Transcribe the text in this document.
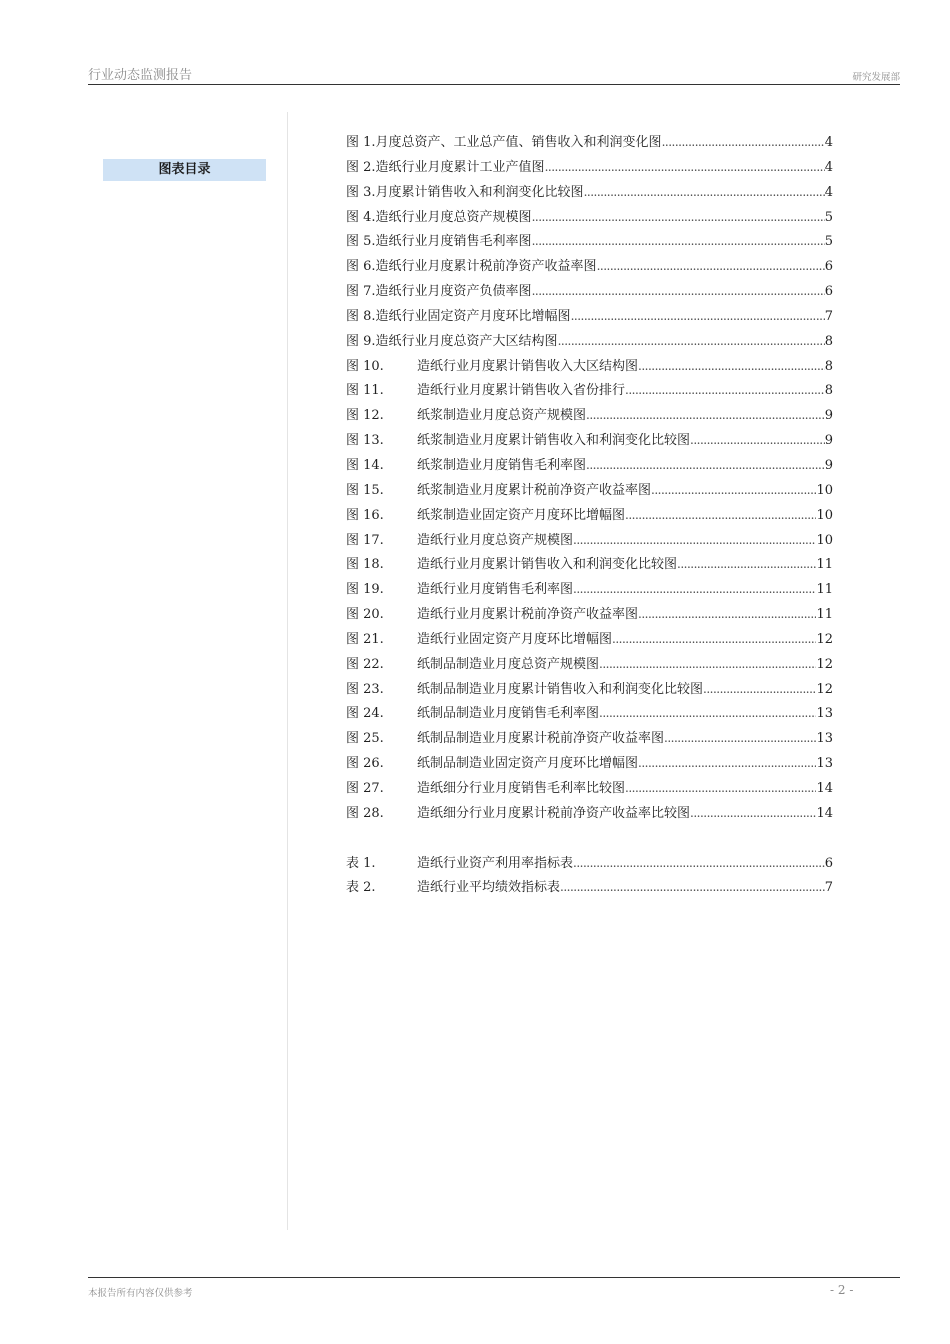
行业动态监测报告	研究发展部
图表目录
图 1. 月度总资产、工业总产值、销售收入和利润变化图 .....	4
图 2. 造纸行业月度累计工业产值图 .....	4
图 3. 月度累计销售收入和利润变化比较图 .....	4
图 4. 造纸行业月度总资产规模图 .....	5
图 5. 造纸行业月度销售毛利率图 .....	5
图 6. 造纸行业月度累计税前净资产收益率图 .....	6
图 7. 造纸行业月度资产负债率图 .....	6
图 8. 造纸行业固定资产月度环比增幅图 .....	7
图 9. 造纸行业月度总资产大区结构图 .....	8
图 10.	造纸行业月度累计销售收入大区结构图 .....	8
图 11.	造纸行业月度累计销售收入省份排行 .....	8
图 12.	纸浆制造业月度总资产规模图 .....	9
图 13.	纸浆制造业月度累计销售收入和利润变化比较图 .....	9
图 14.	纸浆制造业月度销售毛利率图 .....	9
图 15.	纸浆制造业月度累计税前净资产收益率图 .....	10
图 16.	纸浆制造业固定资产月度环比增幅图 .....	10
图 17.	造纸行业月度总资产规模图 .....	10
图 18.	造纸行业月度累计销售收入和利润变化比较图 .....	11
图 19.	造纸行业月度销售毛利率图 .....	11
图 20.	造纸行业月度累计税前净资产收益率图 .....	11
图 21.	造纸行业固定资产月度环比增幅图 .....	12
图 22.	纸制品制造业月度总资产规模图 .....	12
图 23.	纸制品制造业月度累计销售收入和利润变化比较图 .....	12
图 24.	纸制品制造业月度销售毛利率图 .....	13
图 25.	纸制品制造业月度累计税前净资产收益率图 .....	13
图 26.	纸制品制造业固定资产月度环比增幅图 .....	13
图 27.	造纸细分行业月度销售毛利率比较图 .....	14
图 28.	造纸细分行业月度累计税前净资产收益率比较图 .....	14
表 1.	造纸行业资产利用率指标表 .....	6
表 2.	造纸行业平均绩效指标表 .....	7
本报告所有内容仅供参考	- 2 -
